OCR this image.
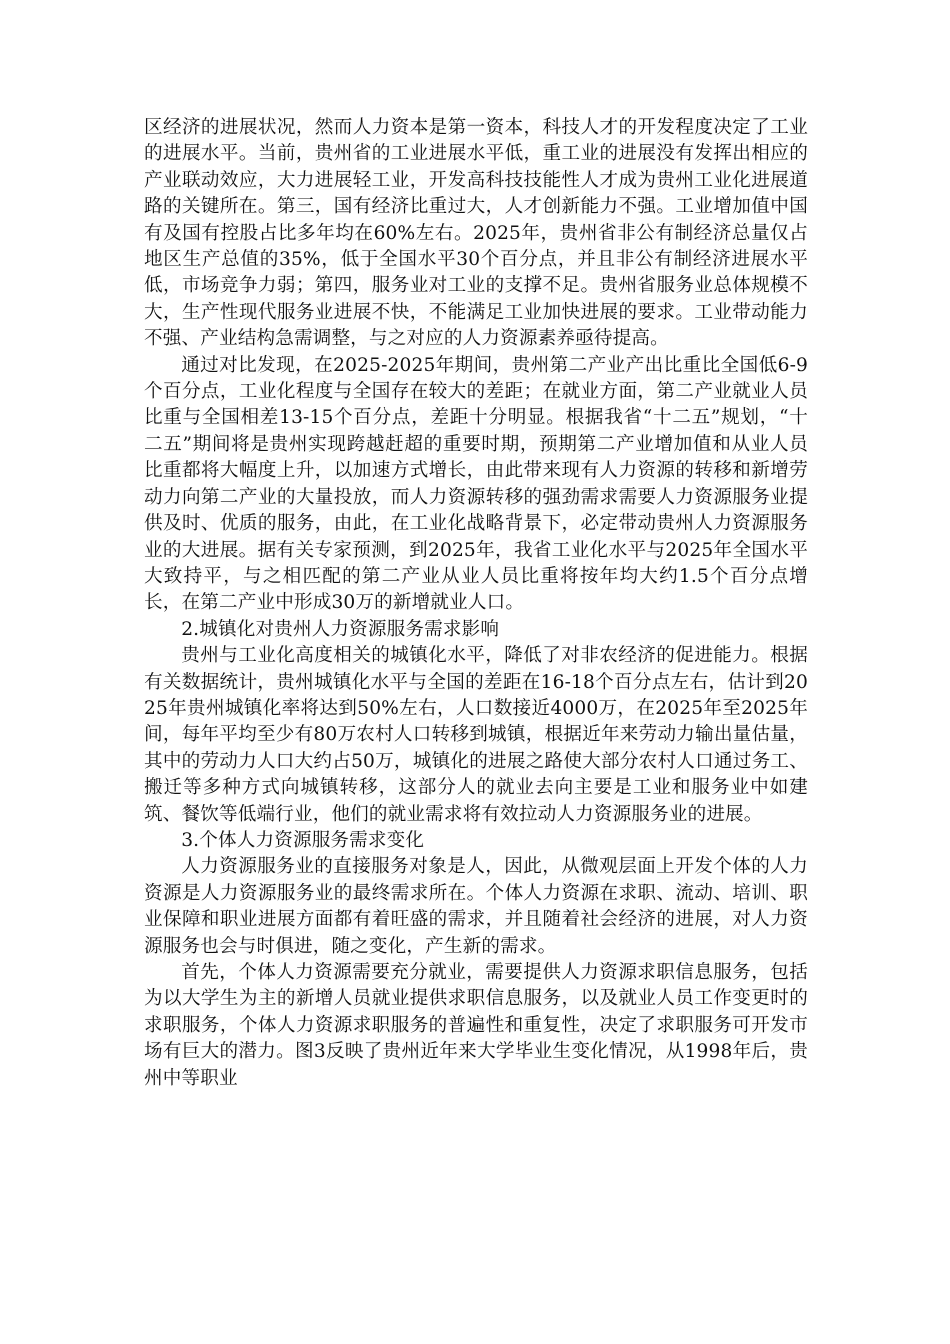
区经济的进展状况，然而人力资本是第一资本，科技人才的开发程度决定了工业的进展水平。当前，贵州省的工业进展水平低，重工业的进展没有发挥出相应的产业联动效应，大力进展轻工业，开发高科技技能性人才成为贵州工业化进展道路的关键所在。第三，国有经济比重过大，人才创新能力不强。工业增加值中国有及国有控股占比多年均在60%左右。2025年，贵州省非公有制经济总量仅占地区生产总值的35%，低于全国水平30个百分点，并且非公有制经济进展水平低，市场竞争力弱；第四，服务业对工业的支撑不足。贵州省服务业总体规模不大，生产性现代服务业进展不快，不能满足工业加快进展的要求。工业带动能力不强、产业结构急需调整，与之对应的人力资源素养亟待提高。

通过对比发现，在2025-2025年期间，贵州第二产业产出比重比全国低6-9个百分点，工业化程度与全国存在较大的差距；在就业方面，第二产业就业人员比重与全国相差13-15个百分点，差距十分明显。根据我省“十二五”规划，“十二五”期间将是贵州实现跨越赶超的重要时期，预期第二产业增加值和从业人员比重都将大幅度上升，以加速方式增长，由此带来现有人力资源的转移和新增劳动力向第二产业的大量投放，而人力资源转移的强劲需求需要人力资源服务业提供及时、优质的服务，由此，在工业化战略背景下，必定带动贵州人力资源服务业的大进展。据有关专家预测，到2025年，我省工业化水平与2025年全国水平大致持平，与之相匹配的第二产业从业人员比重将按年均大约1.5个百分点增长，在第二产业中形成30万的新增就业人口。

2.城镇化对贵州人力资源服务需求影响

贵州与工业化高度相关的城镇化水平，降低了对非农经济的促进能力。根据有关数据统计，贵州城镇化水平与全国的差距在16-18个百分点左右，估计到2025年贵州城镇化率将达到50%左右，人口数接近4000万，在2025年至2025年间，每年平均至少有80万农村人口转移到城镇，根据近年来劳动力输出量估量，其中的劳动力人口大约占50万，城镇化的进展之路使大部分农村人口通过务工、搬迁等多种方式向城镇转移，这部分人的就业去向主要是工业和服务业中如建筑、餐饮等低端行业，他们的就业需求将有效拉动人力资源服务业的进展。

3.个体人力资源服务需求变化

人力资源服务业的直接服务对象是人，因此，从微观层面上开发个体的人力资源是人力资源服务业的最终需求所在。个体人力资源在求职、流动、培训、职业保障和职业进展方面都有着旺盛的需求，并且随着社会经济的进展，对人力资源服务也会与时俱进，随之变化，产生新的需求。

首先，个体人力资源需要充分就业，需要提供人力资源求职信息服务，包括为以大学生为主的新增人员就业提供求职信息服务，以及就业人员工作变更时的求职服务，个体人力资源求职服务的普遍性和重复性，决定了求职服务可开发市场有巨大的潜力。图3反映了贵州近年来大学毕业生变化情况，从1998年后，贵州中等职业
